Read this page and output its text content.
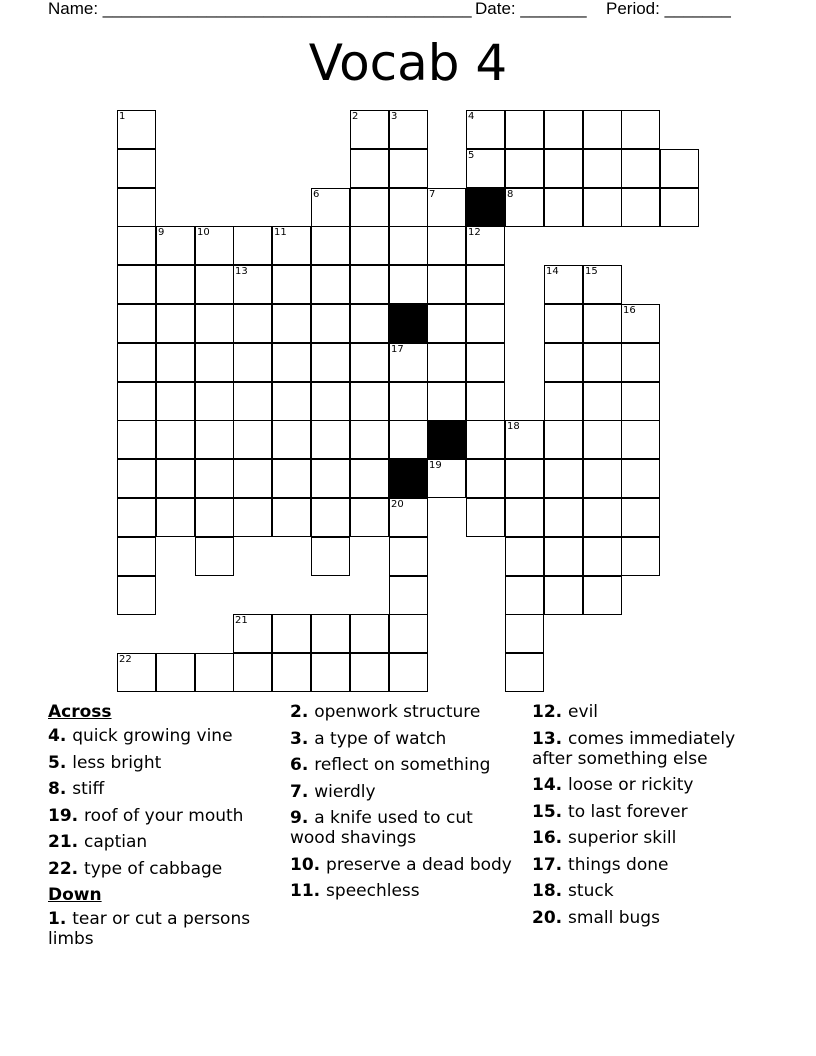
Name: _______________________________________

Date: _______

Period: _______

Vocab 4
4
5
8
19
21
22
6	7
9	10	11	12
13	14	15
16
17
18
20
1	2	3
Across
4. quick growing vine
5. less bright
8. stiff
19. roof of your mouth
21. captian
22. type of cabbage
Down
1. tear or cut a persons limbs
2. openwork structure
3. a type of watch
6. reflect on something
7. wierdly
9. a knife used to cut wood shavings
10. preserve a dead body
11. speechless
12. evil
13. comes immediately after something else
14. loose or rickity
15. to last forever
16. superior skill
17. things done
18. stuck
20. small bugs
